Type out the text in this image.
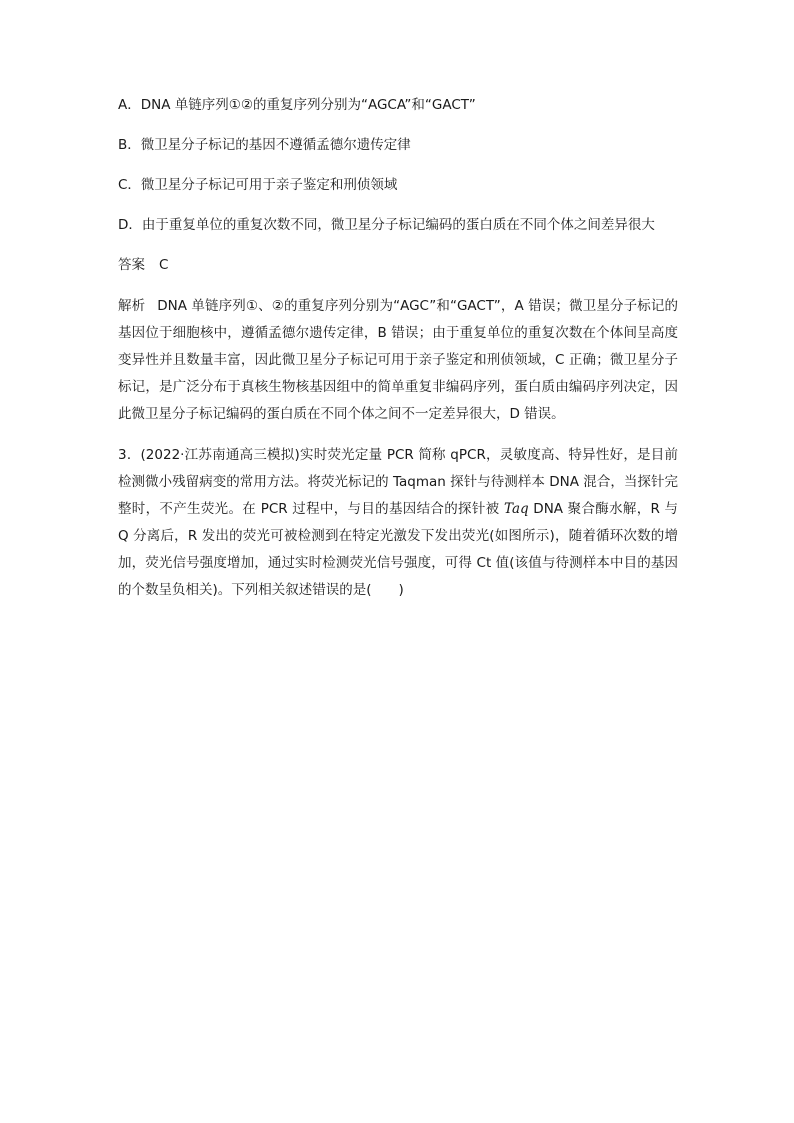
A．DNA 单链序列①②的重复序列分别为“AGCA”和“GACT”
B．微卫星分子标记的基因不遵循孟德尔遗传定律
C．微卫星分子标记可用于亲子鉴定和刑侦领域
D．由于重复单位的重复次数不同，微卫星分子标记编码的蛋白质在不同个体之间差异很大
答案 C
解析 DNA 单链序列①、②的重复序列分别为“AGC”和“GACT”，A 错误；微卫星分子标记的基因位于细胞核中，遵循孟德尔遗传定律，B 错误；由于重复单位的重复次数在个体间呈高度变异性并且数量丰富，因此微卫星分子标记可用于亲子鉴定和刑侦领域，C 正确；微卫星分子标记，是广泛分布于真核生物核基因组中的简单重复非编码序列，蛋白质由编码序列决定，因此微卫星分子标记编码的蛋白质在不同个体之间不一定差异很大，D 错误。
3．(2022·江苏南通高三模拟)实时荧光定量 PCR 简称 qPCR，灵敏度高、特异性好，是目前检测微小残留病变的常用方法。将荧光标记的 Taqman 探针与待测样本 DNA 混合，当探针完整时，不产生荧光。在 PCR 过程中，与目的基因结合的探针被 Taq DNA 聚合酶水解，R 与 Q 分离后，R 发出的荧光可被检测到在特定光激发下发出荧光(如图所示)，随着循环次数的增加，荧光信号强度增加，通过实时检测荧光信号强度，可得 Ct 值(该值与待测样本中目的基因的个数呈负相关)。下列相关叙述错误的是(　　)
